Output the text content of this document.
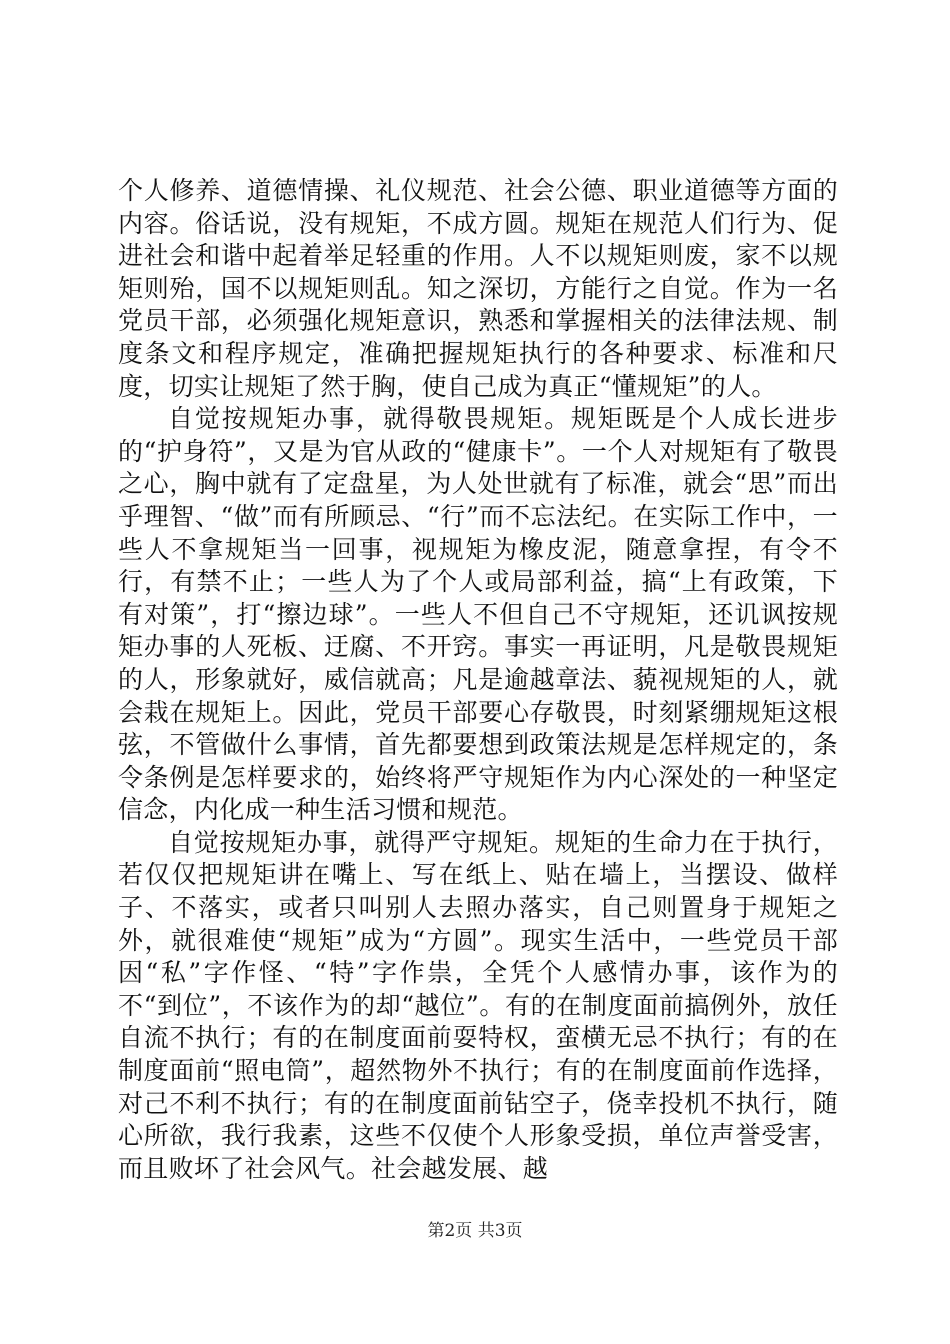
个人修养、道德情操、礼仪规范、社会公德、职业道德等方面的内容。俗话说，没有规矩，不成方圆。规矩在规范人们行为、促进社会和谐中起着举足轻重的作用。人不以规矩则废，家不以规矩则殆，国不以规矩则乱。知之深切，方能行之自觉。作为一名党员干部，必须强化规矩意识，熟悉和掌握相关的法律法规、制度条文和程序规定，准确把握规矩执行的各种要求、标准和尺度，切实让规矩了然于胸，使自己成为真正“懂规矩”的人。

自觉按规矩办事，就得敬畏规矩。规矩既是个人成长进步的“护身符”，又是为官从政的“健康卡”。一个人对规矩有了敬畏之心，胸中就有了定盘星，为人处世就有了标准，就会“思”而出乎理智、“做”而有所顾忌、“行”而不忘法纪。在实际工作中，一些人不拿规矩当一回事，视规矩为橡皮泥，随意拿捏，有令不行，有禁不止；一些人为了个人或局部利益，搞“上有政策，下有对策”，打“擦边球”。一些人不但自己不守规矩，还讥讽按规矩办事的人死板、迂腐、不开窍。事实一再证明，凡是敬畏规矩的人，形象就好，威信就高；凡是逾越章法、藐视规矩的人，就会栽在规矩上。因此，党员干部要心存敬畏，时刻紧绷规矩这根弦，不管做什么事情，首先都要想到政策法规是怎样规定的，条令条例是怎样要求的，始终将严守规矩作为内心深处的一种坚定信念，内化成一种生活习惯和规范。

自觉按规矩办事，就得严守规矩。规矩的生命力在于执行，若仅仅把规矩讲在嘴上、写在纸上、贴在墙上，当摆设、做样子、不落实，或者只叫别人去照办落实，自己则置身于规矩之外，就很难使“规矩”成为“方圆”。现实生活中，一些党员干部因“私”字作怪、“特”字作祟，全凭个人感情办事，该作为的不“到位”，不该作为的却“越位”。有的在制度面前搞例外，放任自流不执行；有的在制度面前耍特权，蛮横无忌不执行；有的在制度面前“照电筒”，超然物外不执行；有的在制度面前作选择，对己不利不执行；有的在制度面前钻空子，侥幸投机不执行，随心所欲，我行我素，这些不仅使个人形象受损，单位声誉受害，而且败坏了社会风气。社会越发展、越

第2页 共3页
